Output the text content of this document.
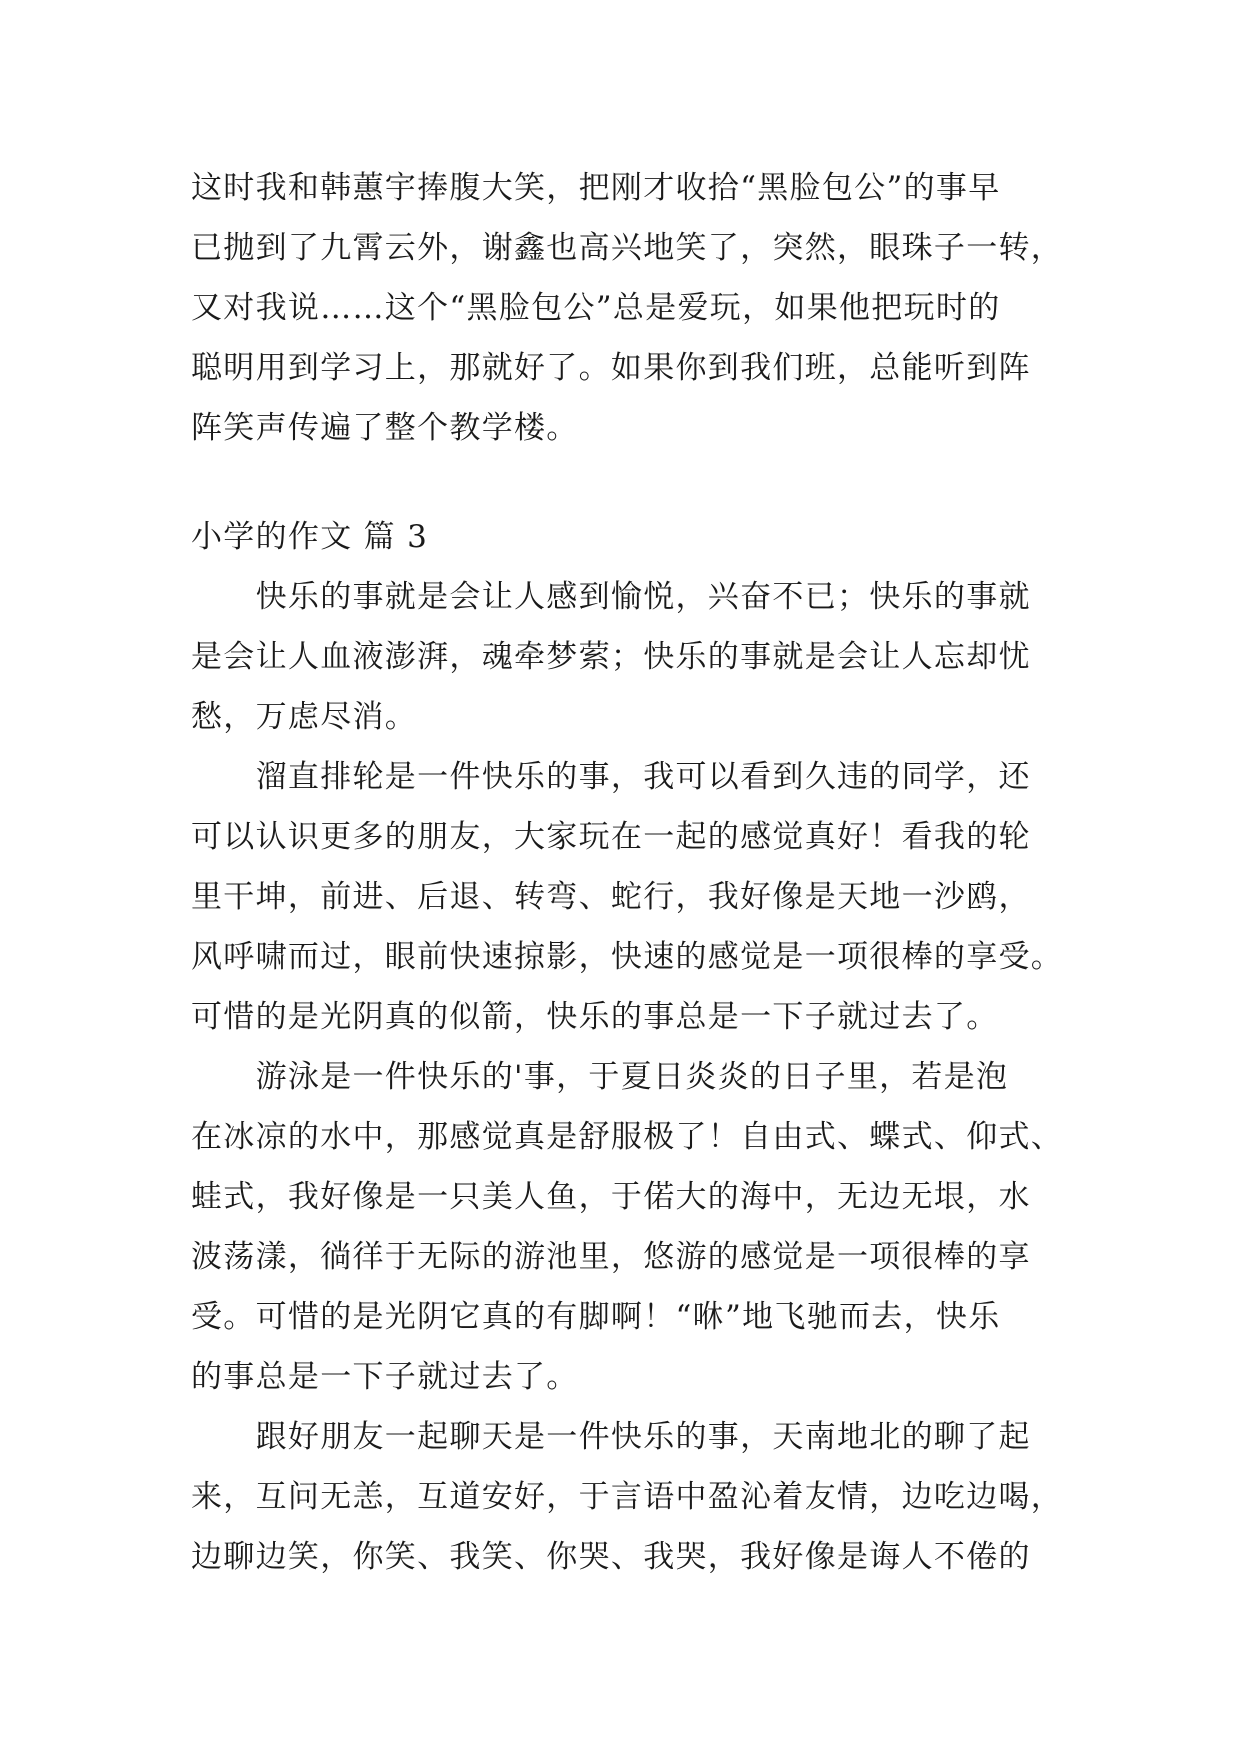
这时我和韩蕙宇捧腹大笑，把刚才收拾“黑脸包公”的事早
已抛到了九霄云外，谢鑫也高兴地笑了，突然，眼珠子一转，
又对我说……这个“黑脸包公”总是爱玩，如果他把玩时的
聪明用到学习上，那就好了。如果你到我们班，总能听到阵
阵笑声传遍了整个教学楼。
小学的作文 篇 3
　　快乐的事就是会让人感到愉悦，兴奋不已；快乐的事就
是会让人血液澎湃，魂牵梦萦；快乐的事就是会让人忘却忧
愁，万虑尽消。
　　溜直排轮是一件快乐的事，我可以看到久违的同学，还
可以认识更多的朋友，大家玩在一起的感觉真好！看我的轮
里干坤，前进、后退、转弯、蛇行，我好像是天地一沙鸥，
风呼啸而过，眼前快速掠影，快速的感觉是一项很棒的享受。
可惜的是光阴真的似箭，快乐的事总是一下子就过去了。
　　游泳是一件快乐的'事，于夏日炎炎的日子里，若是泡
在冰凉的水中，那感觉真是舒服极了！自由式、蝶式、仰式、
蛙式，我好像是一只美人鱼，于偌大的海中，无边无垠，水
波荡漾，徜徉于无际的游池里，悠游的感觉是一项很棒的享
受。可惜的是光阴它真的有脚啊！“咻”地飞驰而去，快乐
的事总是一下子就过去了。
　　跟好朋友一起聊天是一件快乐的事，天南地北的聊了起
来，互问无恙，互道安好，于言语中盈沁着友情，边吃边喝，
边聊边笑，你笑、我笑、你哭、我哭，我好像是诲人不倦的
